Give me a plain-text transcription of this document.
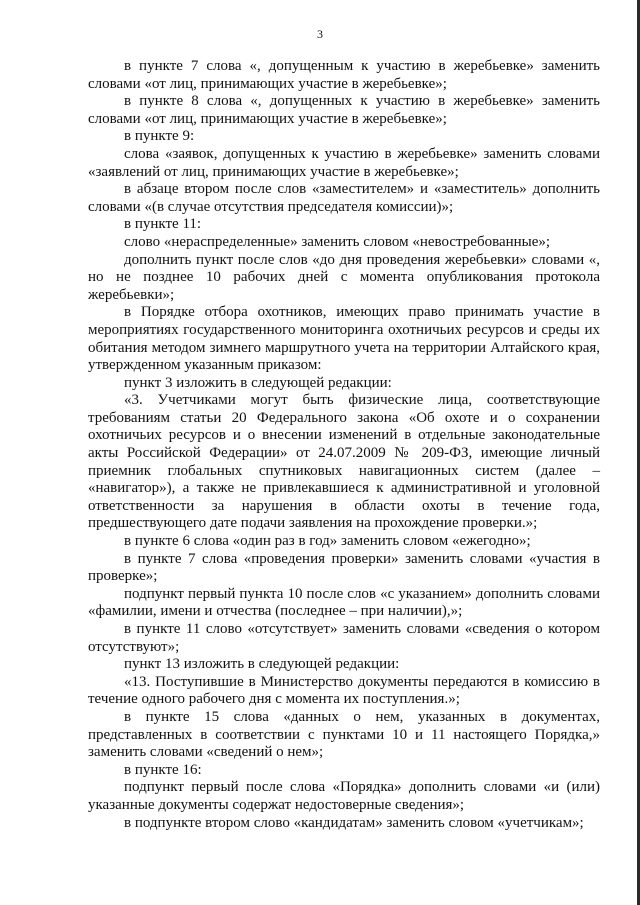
3

в пункте 7 слова «, допущенным к участию в жеребьевке» заменить словами «от лиц, принимающих участие в жеребьевке»;

в пункте 8 слова «, допущенных к участию в жеребьевке» заменить словами «от лиц, принимающих участие в жеребьевке»;

в пункте 9:

слова «заявок, допущенных к участию в жеребьевке» заменить словами «заявлений от лиц, принимающих участие в жеребьевке»;

в абзаце втором после слов «заместителем» и «заместитель» дополнить словами «(в случае отсутствия председателя комиссии)»;

в пункте 11:

слово «нераспределенные» заменить словом «невостребованные»;

дополнить пункт после слов «до дня проведения жеребьевки» словами «, но не позднее 10 рабочих дней с момента опубликования протокола жеребьевки»;

в Порядке отбора охотников, имеющих право принимать участие в мероприятиях государственного мониторинга охотничьих ресурсов и среды их обитания методом зимнего маршрутного учета на территории Алтайского края, утвержденном указанным приказом:

пункт 3 изложить в следующей редакции:

«3. Учетчиками могут быть физические лица, соответствующие требованиям статьи 20 Федерального закона «Об охоте и о сохранении охотничьих ресурсов и о внесении изменений в отдельные законодательные акты Российской Федерации» от 24.07.2009 № 209-ФЗ, имеющие личный приемник глобальных спутниковых навигационных систем (далее – «навигатор»), а также не привлекавшиеся к административной и уголовной ответственности за нарушения в области охоты в течение года, предшествующего дате подачи заявления на прохождение проверки.»;

в пункте 6 слова «один раз в год» заменить словом «ежегодно»;

в пункте 7 слова «проведения проверки» заменить словами «участия в проверке»;

подпункт первый пункта 10 после слов «с указанием» дополнить словами «фамилии, имени и отчества (последнее – при наличии),»;

в пункте 11 слово «отсутствует» заменить словами «сведения о котором отсутствуют»;

пункт 13 изложить в следующей редакции:

«13. Поступившие в Министерство документы передаются в комиссию в течение одного рабочего дня с момента их поступления.»;

в пункте 15 слова «данных о нем, указанных в документах, представленных в соответствии с пунктами 10 и 11 настоящего Порядка,» заменить словами «сведений о нем»;

в пункте 16:

подпункт первый после слова «Порядка» дополнить словами «и (или) указанные документы содержат недостоверные сведения»;

в подпункте втором слово «кандидатам» заменить словом «учетчикам»;
